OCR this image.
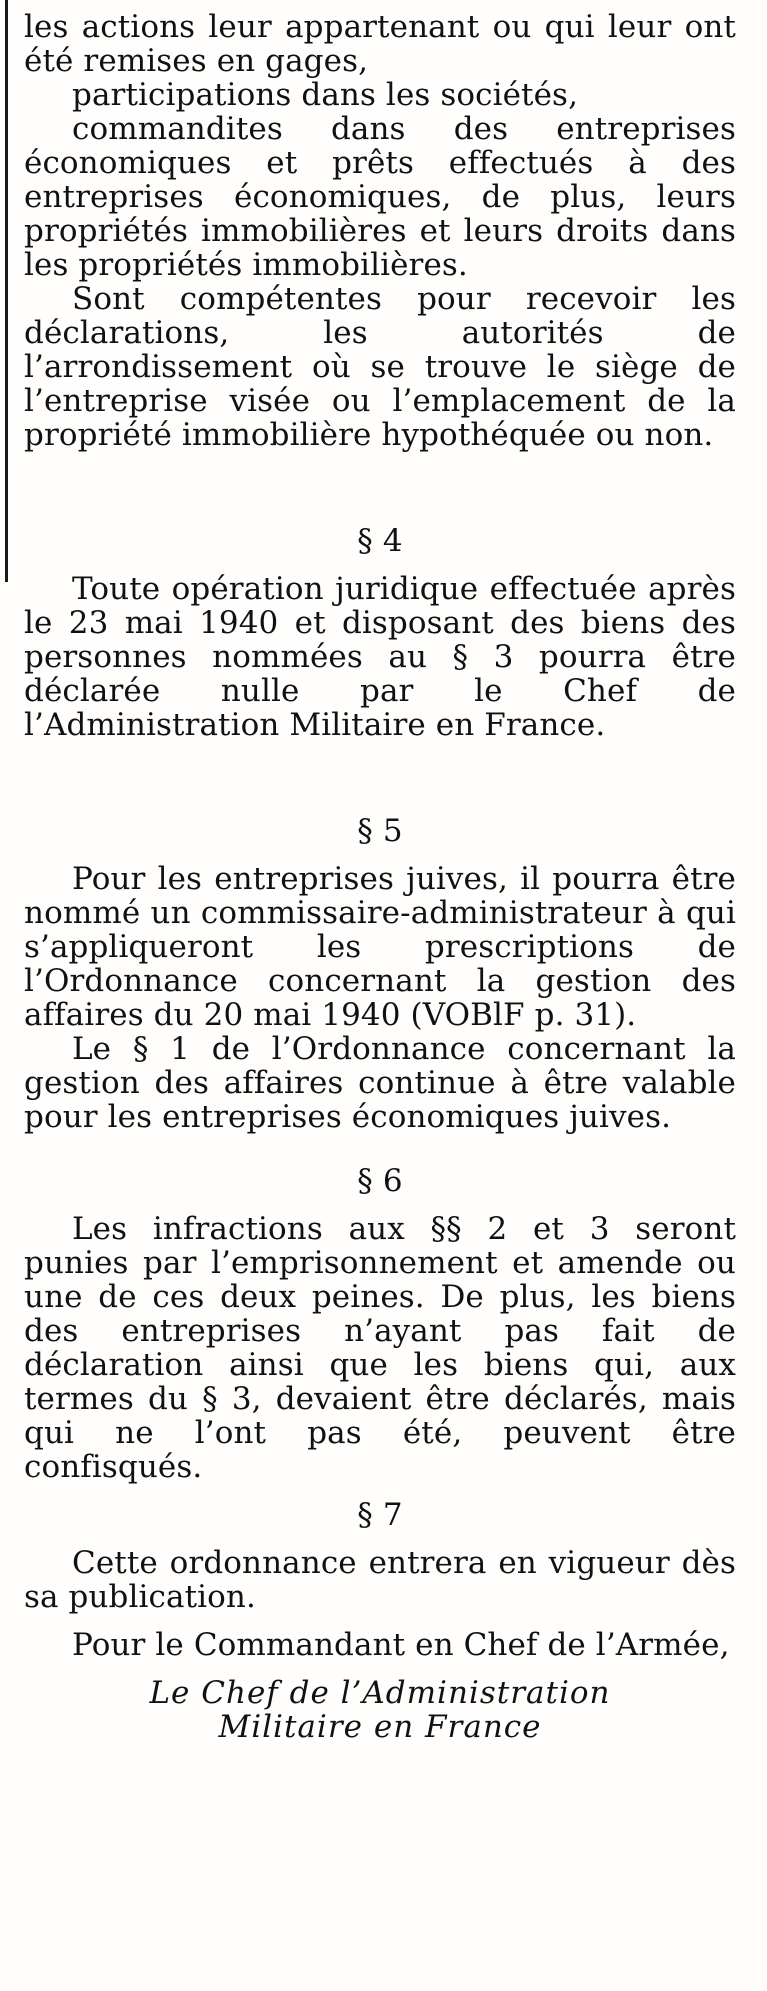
les actions leur appartenant ou qui leur ont été remises en gages,

participations dans les sociétés,

commandites dans des entreprises économiques et prêts effectués à des entreprises économiques, de plus, leurs propriétés immobilières et leurs droits dans les propriétés immobilières.

Sont compétentes pour recevoir les déclarations, les autorités de l’arrondissement où se trouve le siège de l’entreprise visée ou l’emplacement de la propriété immobilière hypothéquée ou non.

§ 4

Toute opération juridique effectuée après le 23 mai 1940 et disposant des biens des personnes nommées au § 3 pourra être déclarée nulle par le Chef de l’Administration Militaire en France.

§ 5

Pour les entreprises juives, il pourra être nommé un commissaire-administrateur à qui s’appliqueront les prescriptions de l’Ordonnance concernant la gestion des affaires du 20 mai 1940 (VOBlF p. 31).

Le § 1 de l’Ordonnance concernant la gestion des affaires continue à être valable pour les entreprises économiques juives.

§ 6

Les infractions aux §§ 2 et 3 seront punies par l’emprisonnement et amende ou une de ces deux peines. De plus, les biens des entreprises n’ayant pas fait de déclaration ainsi que les biens qui, aux termes du § 3, devaient être déclarés, mais qui ne l’ont pas été, peuvent être confisqués.

§ 7

Cette ordonnance entrera en vigueur dès sa publication.

Pour le Commandant en Chef de l’Armée,

Le Chef de l’Administration

Militaire en France
